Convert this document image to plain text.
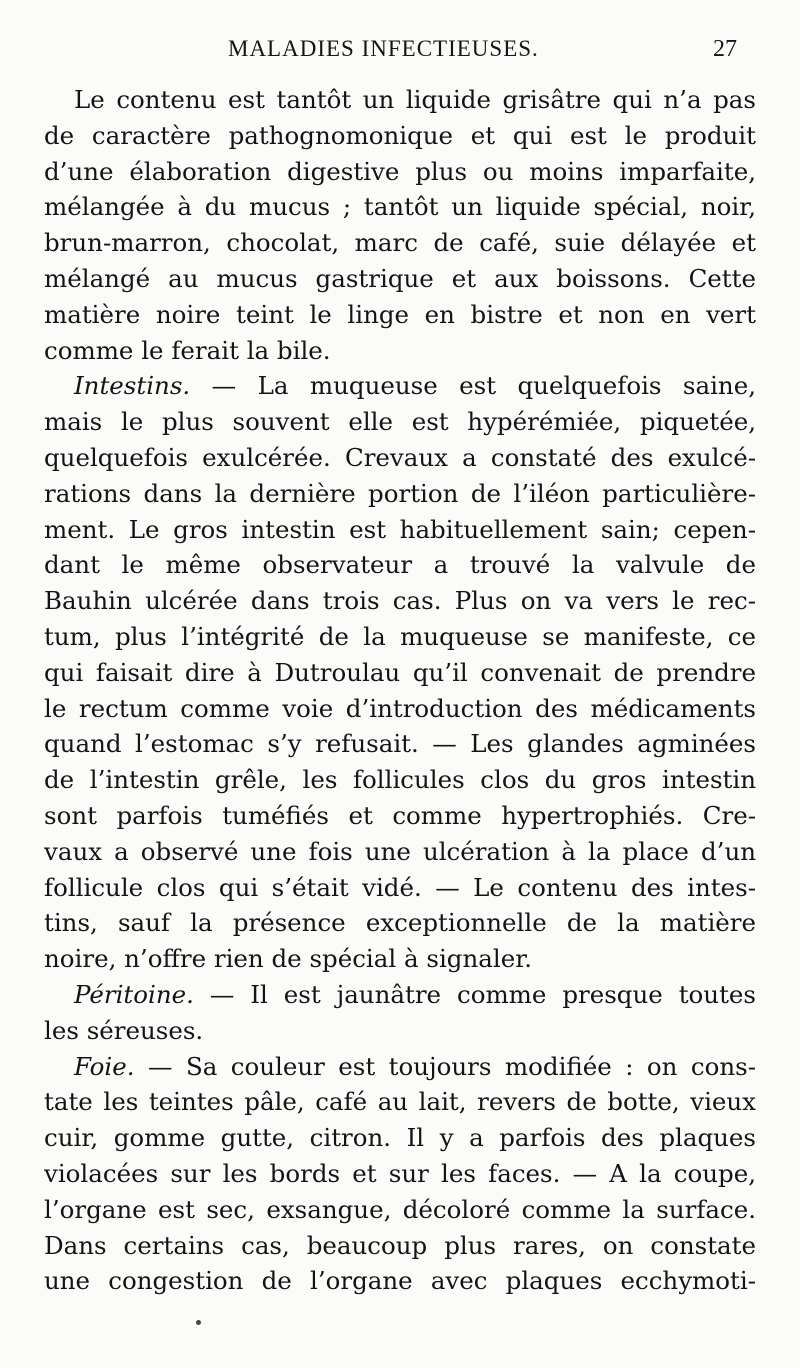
MALADIES INFECTIEUSES.	27
Le contenu est tantôt un liquide grisâtre qui n’a pas
de caractère pathognomonique et qui est le produit
d’une élaboration digestive plus ou moins imparfaite,
mélangée à du mucus ; tantôt un liquide spécial, noir,
brun-marron, chocolat, marc de café, suie délayée et
mélangé au mucus gastrique et aux boissons. Cette
matière noire teint le linge en bistre et non en vert
comme le ferait la bile.
Intestins. — La muqueuse est quelquefois saine,
mais le plus souvent elle est hypérémiée, piquetée,
quelquefois exulcérée. Crevaux a constaté des exulcé-
rations dans la dernière portion de l’iléon particulière-
ment. Le gros intestin est habituellement sain; cepen-
dant le même observateur a trouvé la valvule de
Bauhin ulcérée dans trois cas. Plus on va vers le rec-
tum, plus l’intégrité de la muqueuse se manifeste, ce
qui faisait dire à Dutroulau qu’il convenait de prendre
le rectum comme voie d’introduction des médicaments
quand l’estomac s’y refusait. — Les glandes agminées
de l’intestin grêle, les follicules clos du gros intestin
sont parfois tuméfiés et comme hypertrophiés. Cre-
vaux a observé une fois une ulcération à la place d’un
follicule clos qui s’était vidé. — Le contenu des intes-
tins, sauf la présence exceptionnelle de la matière
noire, n’offre rien de spécial à signaler.
Péritoine. — Il est jaunâtre comme presque toutes
les séreuses.
Foie. — Sa couleur est toujours modifiée : on cons-
tate les teintes pâle, café au lait, revers de botte, vieux
cuir, gomme gutte, citron. Il y a parfois des plaques
violacées sur les bords et sur les faces. — A la coupe,
l’organe est sec, exsangue, décoloré comme la surface.
Dans certains cas, beaucoup plus rares, on constate
une congestion de l’organe avec plaques ecchymoti-
